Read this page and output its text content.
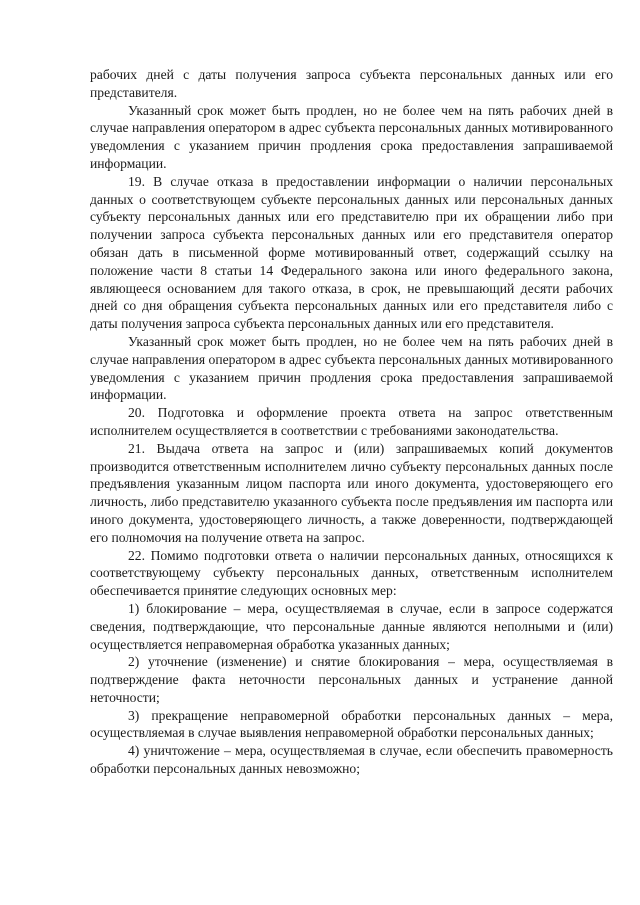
рабочих дней с даты получения запроса субъекта персональных данных или его представителя.

Указанный срок может быть продлен, но не более чем на пять рабочих дней в случае направления оператором в адрес субъекта персональных данных мотивированного уведомления с указанием причин продления срока предоставления запрашиваемой информации.

19. В случае отказа в предоставлении информации о наличии персональных данных о соответствующем субъекте персональных данных или персональных данных субъекту персональных данных или его представителю при их обращении либо при получении запроса субъекта персональных данных или его представителя оператор обязан дать в письменной форме мотивированный ответ, содержащий ссылку на положение части 8 статьи 14 Федерального закона или иного федерального закона, являющееся основанием для такого отказа, в срок, не превышающий десяти рабочих дней со дня обращения субъекта персональных данных или его представителя либо с даты получения запроса субъекта персональных данных или его представителя.

Указанный срок может быть продлен, но не более чем на пять рабочих дней в случае направления оператором в адрес субъекта персональных данных мотивированного уведомления с указанием причин продления срока предоставления запрашиваемой информации.

20. Подготовка и оформление проекта ответа на запрос ответственным исполнителем осуществляется в соответствии с требованиями законодательства.

21. Выдача ответа на запрос и (или) запрашиваемых копий документов производится ответственным исполнителем лично субъекту персональных данных после предъявления указанным лицом паспорта или иного документа, удостоверяющего его личность, либо представителю указанного субъекта после предъявления им паспорта или иного документа, удостоверяющего личность, а также доверенности, подтверждающей его полномочия на получение ответа на запрос.

22. Помимо подготовки ответа о наличии персональных данных, относящихся к соответствующему субъекту персональных данных, ответственным исполнителем обеспечивается принятие следующих основных мер:

1) блокирование – мера, осуществляемая в случае, если в запросе содержатся сведения, подтверждающие, что персональные данные являются неполными и (или) осуществляется неправомерная обработка указанных данных;

2) уточнение (изменение) и снятие блокирования – мера, осуществляемая в подтверждение факта неточности персональных данных и устранение данной неточности;

3) прекращение неправомерной обработки персональных данных – мера, осуществляемая в случае выявления неправомерной обработки персональных данных;

4) уничтожение – мера, осуществляемая в случае, если обеспечить правомерность обработки персональных данных невозможно;
